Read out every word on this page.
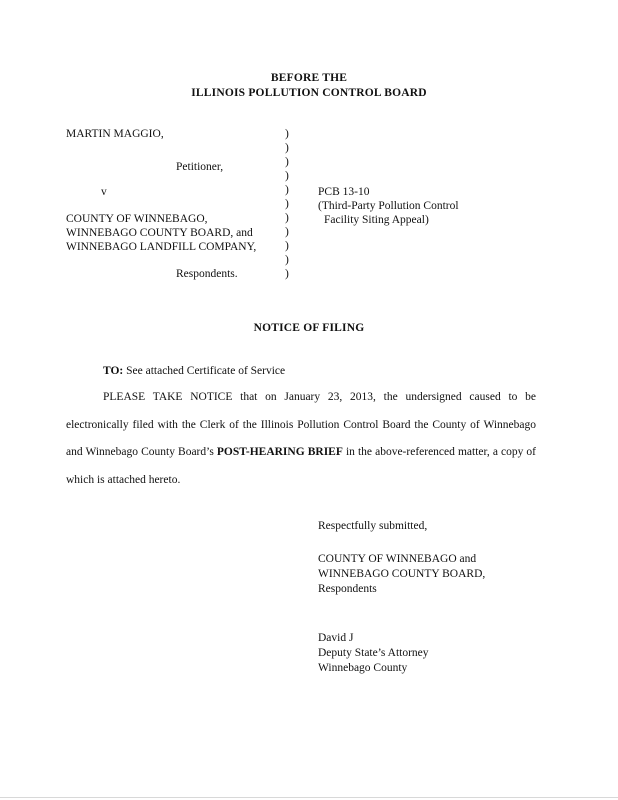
BEFORE THE
ILLINOIS POLLUTION CONTROL BOARD
MARTIN MAGGIO,
Petitioner,
v
COUNTY OF WINNEBAGO,
WINNEBAGO COUNTY BOARD, and
WINNEBAGO LANDFILL COMPANY,
Respondents.
)
)
)
)
)
)
)
)
)
)
)
PCB 13-10
(Third-Party Pollution Control
Facility Siting Appeal)
NOTICE OF FILING
TO: See attached Certificate of Service
PLEASE TAKE NOTICE that on January 23, 2013, the undersigned caused to be electronically filed with the Clerk of the Illinois Pollution Control Board the County of Winnebago and Winnebago County Board’s POST-HEARING BRIEF in the above-referenced matter, a copy of which is attached hereto.
Respectfully submitted,
COUNTY OF WINNEBAGO and
WINNEBAGO COUNTY BOARD,
Respondents
David J
Deputy State’s Attorney
Winnebago County
